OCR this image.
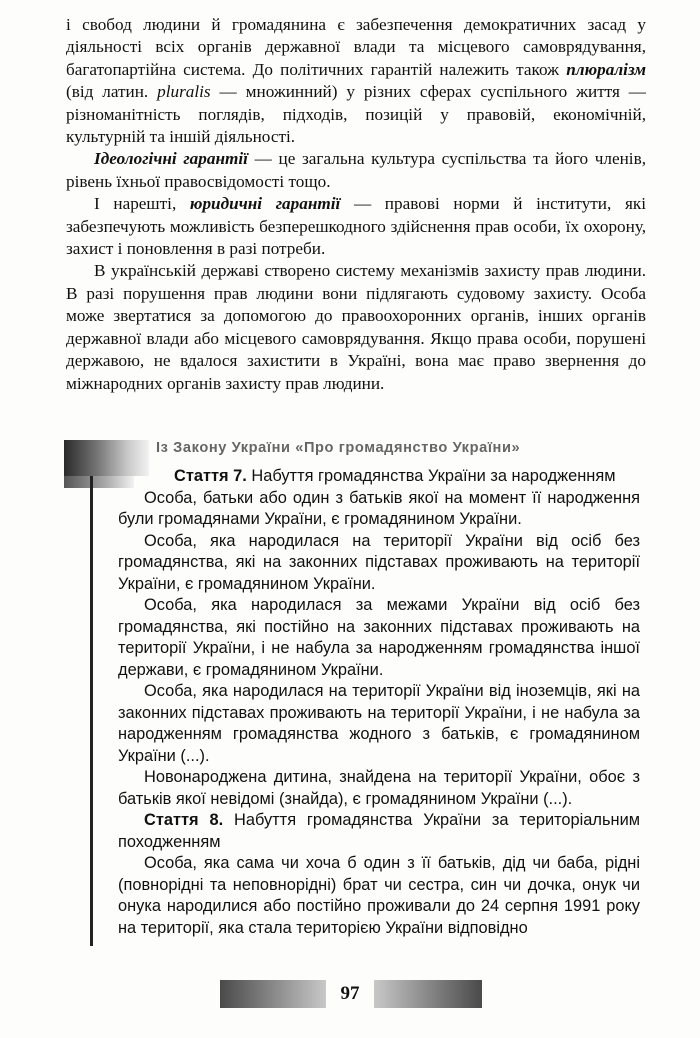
і свобод людини й громадянина є забезпечення демократичних засад у діяльності всіх органів державної влади та місцевого самоврядування, багатопартійна система. До політичних гарантій належить також плюралізм (від латин. pluralis — множинний) у різних сферах суспільного життя — різноманітність поглядів, підходів, позицій у правовій, економічній, культурній та іншій діяльності.

Ідеологічні гарантії — це загальна культура суспільства та його членів, рівень їхньої правосвідомості тощо.

І нарешті, юридичні гарантії — правові норми й інститути, які забезпечують можливість безперешкодного здійснення прав особи, їх охорону, захист і поновлення в разі потреби.

В українській державі створено систему механізмів захисту прав людини. В разі порушення прав людини вони підлягають судовому захисту. Особа може звертатися за допомогою до правоохоронних органів, інших органів державної влади або місцевого самоврядування. Якщо права особи, порушені державою, не вдалося захистити в Україні, вона має право звернення до міжнародних органів захисту прав людини.

Із Закону України «Про громадянство України»

Стаття 7. Набуття громадянства України за народженням

Особа, батьки або один з батьків якої на момент її народження були громадянами України, є громадянином України.

Особа, яка народилася на території України від осіб без громадянства, які на законних підставах проживають на території України, є громадянином України.

Особа, яка народилася за межами України від осіб без громадянства, які постійно на законних підставах проживають на території України, і не набула за народженням громадянства іншої держави, є громадянином України.

Особа, яка народилася на території України від іноземців, які на законних підставах проживають на території України, і не набула за народженням громадянства жодного з батьків, є громадянином України (...).

Новонароджена дитина, знайдена на території України, обоє з батьків якої невідомі (знайда), є громадянином України (...).

Стаття 8. Набуття громадянства України за територіальним походженням

Особа, яка сама чи хоча б один з її батьків, дід чи баба, рідні (повнорідні та неповнорідні) брат чи сестра, син чи дочка, онук чи онука народилися або постійно проживали до 24 серпня 1991 року на території, яка стала територією України відповідно

97
